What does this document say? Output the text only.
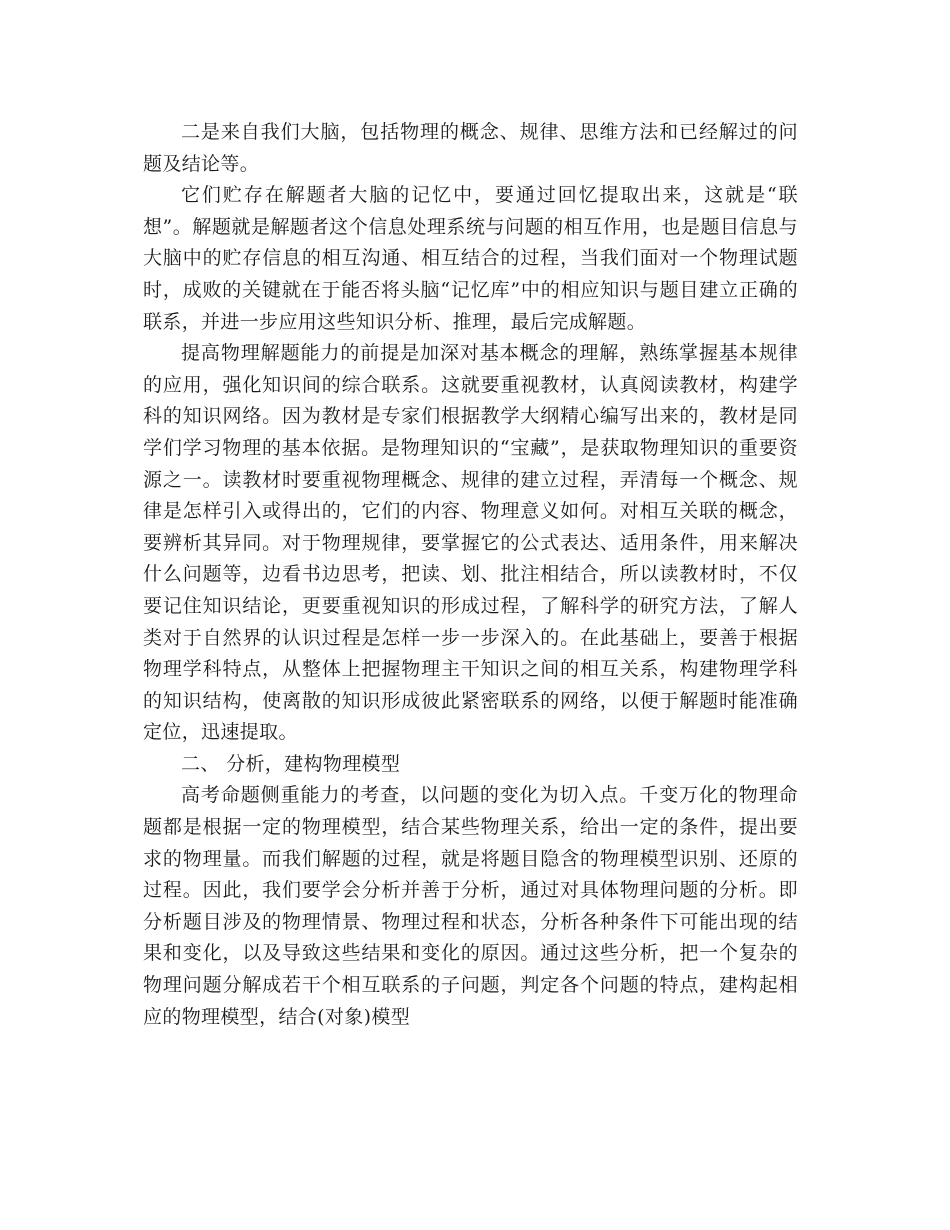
二是来自我们大脑，包括物理的概念、规律、思维方法和已经解过的问题及结论等。

它们贮存在解题者大脑的记忆中，要通过回忆提取出来，这就是“联想”。解题就是解题者这个信息处理系统与问题的相互作用，也是题目信息与大脑中的贮存信息的相互沟通、相互结合的过程，当我们面对一个物理试题时，成败的关键就在于能否将头脑“记忆库”中的相应知识与题目建立正确的联系，并进一步应用这些知识分析、推理，最后完成解题。

提高物理解题能力的前提是加深对基本概念的理解，熟练掌握基本规律的应用，强化知识间的综合联系。这就要重视教材，认真阅读教材，构建学科的知识网络。因为教材是专家们根据教学大纲精心编写出来的，教材是同学们学习物理的基本依据。是物理知识的“宝藏”，是获取物理知识的重要资源之一。读教材时要重视物理概念、规律的建立过程，弄清每一个概念、规律是怎样引入或得出的，它们的内容、物理意义如何。对相互关联的概念，要辨析其异同。对于物理规律，要掌握它的公式表达、适用条件，用来解决什么问题等，边看书边思考，把读、划、批注相结合，所以读教材时，不仅要记住知识结论，更要重视知识的形成过程，了解科学的研究方法，了解人类对于自然界的认识过程是怎样一步一步深入的。在此基础上，要善于根据物理学科特点，从整体上把握物理主干知识之间的相互关系，构建物理学科的知识结构，使离散的知识形成彼此紧密联系的网络，以便于解题时能准确定位，迅速提取。

二、 分析，建构物理模型

高考命题侧重能力的考查，以问题的变化为切入点。千变万化的物理命题都是根据一定的物理模型，结合某些物理关系，给出一定的条件，提出要求的物理量。而我们解题的过程，就是将题目隐含的物理模型识别、还原的过程。因此，我们要学会分析并善于分析，通过对具体物理问题的分析。即分析题目涉及的物理情景、物理过程和状态，分析各种条件下可能出现的结果和变化，以及导致这些结果和变化的原因。通过这些分析，把一个复杂的物理问题分解成若干个相互联系的子问题，判定各个问题的特点，建构起相应的物理模型，结合(对象)模型
